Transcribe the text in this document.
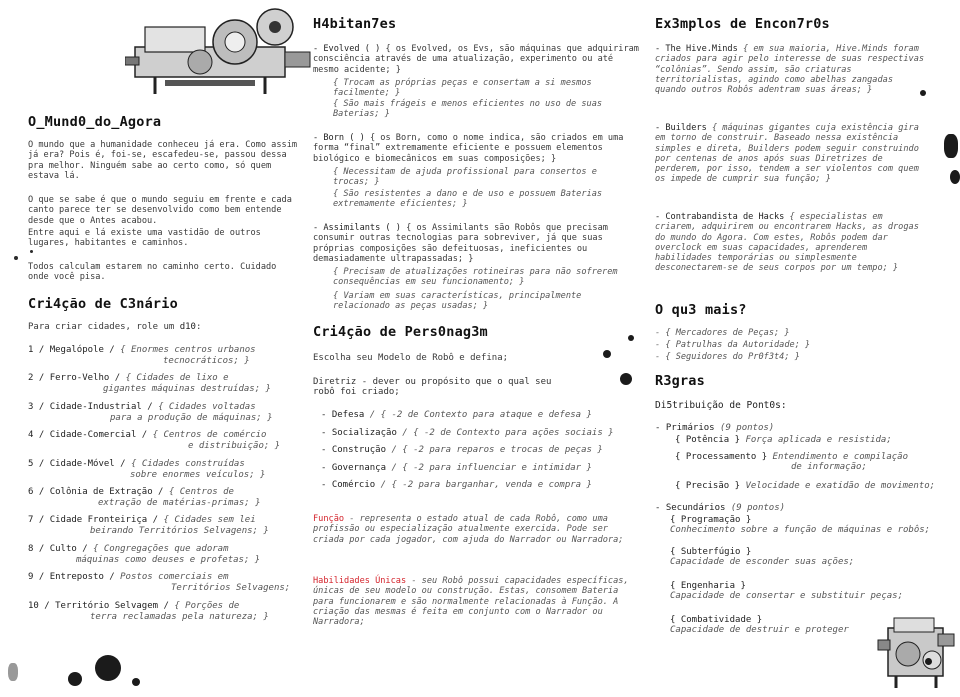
O_Mund0_do_Agora

O mundo que a humanidade conheceu já era. Como assim já era? Pois é, foi-se, escafedeu-se, passou dessa pra melhor. Ninguém sabe ao certo como, só quem estava lá.

O que se sabe é que o mundo seguiu em frente e cada canto parece ter se desenvolvido como bem entende desde que o Antes acabou.

Entre aqui e lá existe uma vastidão de outros lugares, habitantes e caminhos.

Todos calculam estarem no caminho certo. Cuidado onde você pisa.

Cri4ção de C3nário

Para criar cidades, role um d10:

1 / Megalópole / { Enormes centros urbanos

tecnocráticos; }
2 / Ferro-Velho / { Cidades de lixo e

gigantes máquinas destruídas; }
3 / Cidade-Industrial / { Cidades voltadas

para a produção de máquinas; }
4 / Cidade-Comercial / { Centros de comércio

e distribuição; }
5 / Cidade-Móvel / { Cidades construídas

sobre enormes veículos; }
6 / Colônia de Extração / { Centros de

extração de matérias-primas; }
7 / Cidade Fronteiriça / { Cidades sem lei

beirando Territórios Selvagens; }
8 / Culto / { Congregações que adoram

máquinas como deuses e profetas; }
9 / Entreposto / Postos comerciais em

Territórios Selvagens;
10 / Território Selvagem / { Porções de

terra reclamadas pela natureza; }
H4bitan7es

- Evolved ( ) { os Evolved, os Evs, são máquinas que adquiriram consciência através de uma atualização, experimento ou até mesmo acidente; }

{ Trocam as próprias peças e consertam a si mesmos facilmente; }

{ São mais frágeis e menos eficientes no uso de suas Baterias; }

- Born ( ) { os Born, como o nome indica, são criados em uma forma “final” extremamente eficiente e possuem elementos biológico e biomecânicos em suas composições; }

{ Necessitam de ajuda profissional para consertos e trocas; }

{ São resistentes a dano e de uso e possuem Baterias extremamente eficientes; }

- Assimilants ( ) { os Assimilants são Robôs que precisam consumir outras tecnologias para sobreviver, já que suas próprias composições são defeituosas, ineficientes ou demasiadamente ultrapassadas; }

{ Precisam de atualizações rotineiras para não sofrerem consequências em seu funcionamento; }

{ Variam em suas características, principalmente relacionado as peças usadas; }

Cri4ção de Pers0nag3m

Escolha seu Modelo de Robô e defina;

Diretriz - dever ou propósito que o qual seu robô foi criado;

- Defesa / { -2 de Contexto para ataque e defesa }
- Socialização / { -2 de Contexto para ações sociais }
- Construção / { -2 para reparos e trocas de peças }
- Governança / { -2 para influenciar e intimidar }
- Comércio / { -2 para barganhar, venda e compra }

Função - representa o estado atual de cada Robô, como uma profissão ou especialização atualmente exercida. Pode ser criada por cada jogador, com ajuda do Narrador ou Narradora;

Habilidades Únicas - seu Robô possui capacidades específicas, únicas de seu modelo ou construção. Estas, consomem Bateria para funcionarem e são normalmente relacionadas à Função. A criação das mesmas é feita em conjunto com o Narrador ou Narradora;

Ex3mplos de Encon7r0s

- The Hive.Minds { em sua maioria, Hive.Minds foram criados para agir pelo interesse de suas respectivas “colônias”. Sendo assim, são criaturas territorialistas, agindo como abelhas zangadas quando outros Robôs adentram suas áreas; }

- Builders { máquinas gigantes cuja existência gira em torno de construir. Baseado nessa existência simples e direta, Builders podem seguir construindo por centenas de anos após suas Diretrizes de perderem, por isso, tendem a ser violentos com quem os impede de cumprir sua função; }

- Contrabandista de Hacks { especialistas em criarem, adquirirem ou encontrarem Hacks, as drogas do mundo do Agora. Com estes, Robôs podem dar overclock em suas capacidades, aprenderem habilidades temporárias ou simplesmente desconectarem-se de seus corpos por um tempo; }

O qu3 mais?

- { Mercadores de Peças; }

- { Patrulhas da Autoridade; }

- { Seguidores do Pr0f3t4; }

R3gras

Di5tribuição de Pont0s:

- Primários (9 pontos)

{ Potência } Força aplicada e resistida;

{ Processamento } Entendimento e compilação
de informação;

{ Precisão } Velocidade e exatidão de movimento;

- Secundários (9 pontos)

{ Programação }
Conhecimento sobre a função de máquinas e robôs;

{ Subterfúgio }
Capacidade de esconder suas ações;

{ Engenharia }
Capacidade de consertar e substituir peças;

{ Combatividade }
Capacidade de destruir e proteger
